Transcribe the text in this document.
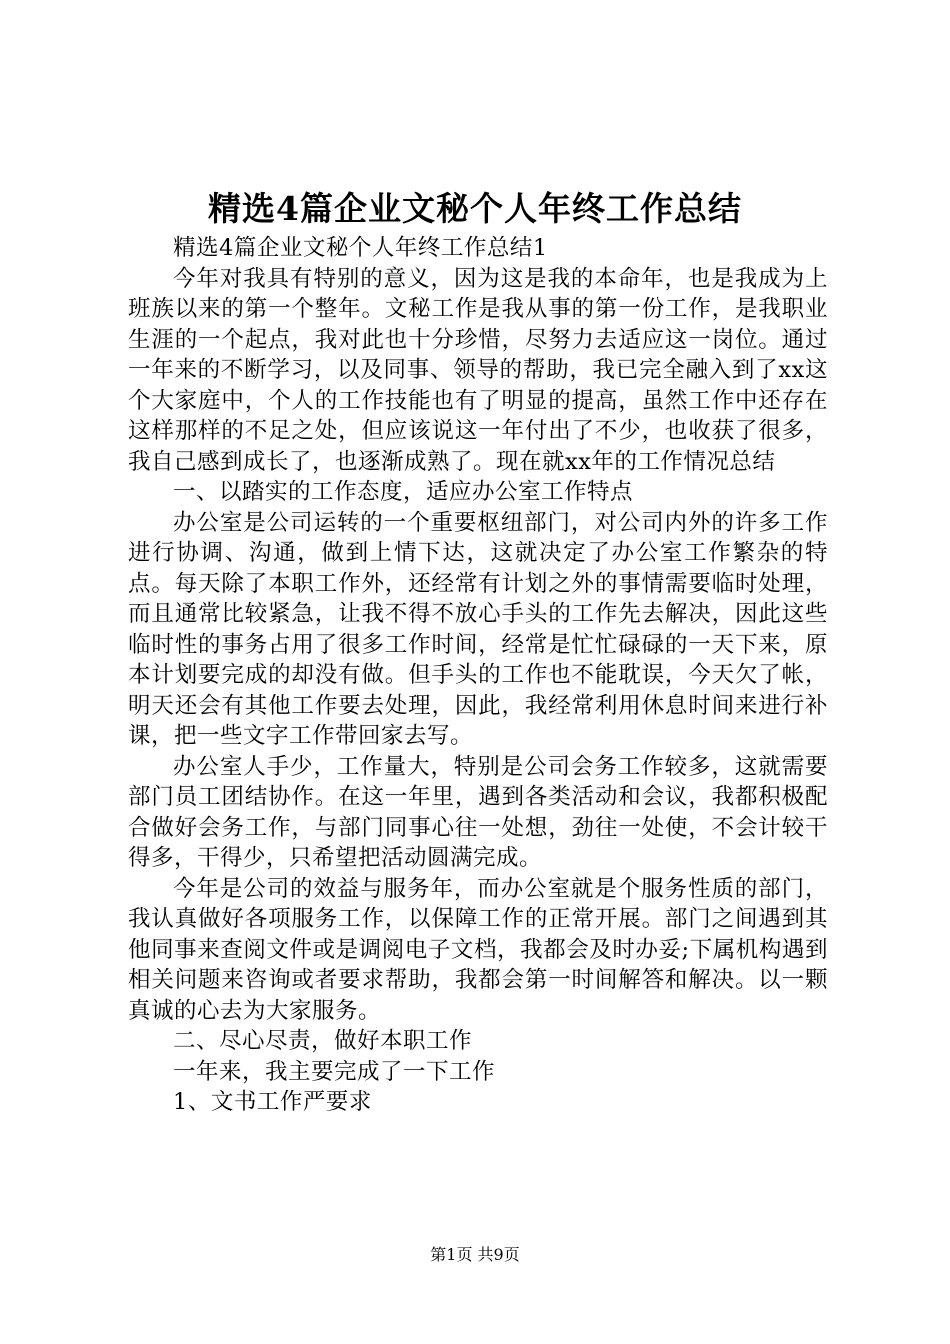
精选4篇企业文秘个人年终工作总结

精选4篇企业文秘个人年终工作总结1

今年对我具有特别的意义，因为这是我的本命年，也是我成为上班族以来的第一个整年。文秘工作是我从事的第一份工作，是我职业生涯的一个起点，我对此也十分珍惜，尽努力去适应这一岗位。通过一年来的不断学习，以及同事、领导的帮助，我已完全融入到了xx这个大家庭中，个人的工作技能也有了明显的提高，虽然工作中还存在这样那样的不足之处，但应该说这一年付出了不少，也收获了很多，我自己感到成长了，也逐渐成熟了。现在就xx年的工作情况总结

一、以踏实的工作态度，适应办公室工作特点

办公室是公司运转的一个重要枢纽部门，对公司内外的许多工作进行协调、沟通，做到上情下达，这就决定了办公室工作繁杂的特点。每天除了本职工作外，还经常有计划之外的事情需要临时处理，而且通常比较紧急，让我不得不放心手头的工作先去解决，因此这些临时性的事务占用了很多工作时间，经常是忙忙碌碌的一天下来，原本计划要完成的却没有做。但手头的工作也不能耽误，今天欠了帐，明天还会有其他工作要去处理，因此，我经常利用休息时间来进行补课，把一些文字工作带回家去写。

办公室人手少，工作量大，特别是公司会务工作较多，这就需要部门员工团结协作。在这一年里，遇到各类活动和会议，我都积极配合做好会务工作，与部门同事心往一处想，劲往一处使，不会计较干得多，干得少，只希望把活动圆满完成。

今年是公司的效益与服务年，而办公室就是个服务性质的部门，我认真做好各项服务工作，以保障工作的正常开展。部门之间遇到其他同事来查阅文件或是调阅电子文档，我都会及时办妥;下属机构遇到相关问题来咨询或者要求帮助，我都会第一时间解答和解决。以一颗真诚的心去为大家服务。

二、尽心尽责，做好本职工作

一年来，我主要完成了一下工作

1、文书工作严要求

第1页 共9页
